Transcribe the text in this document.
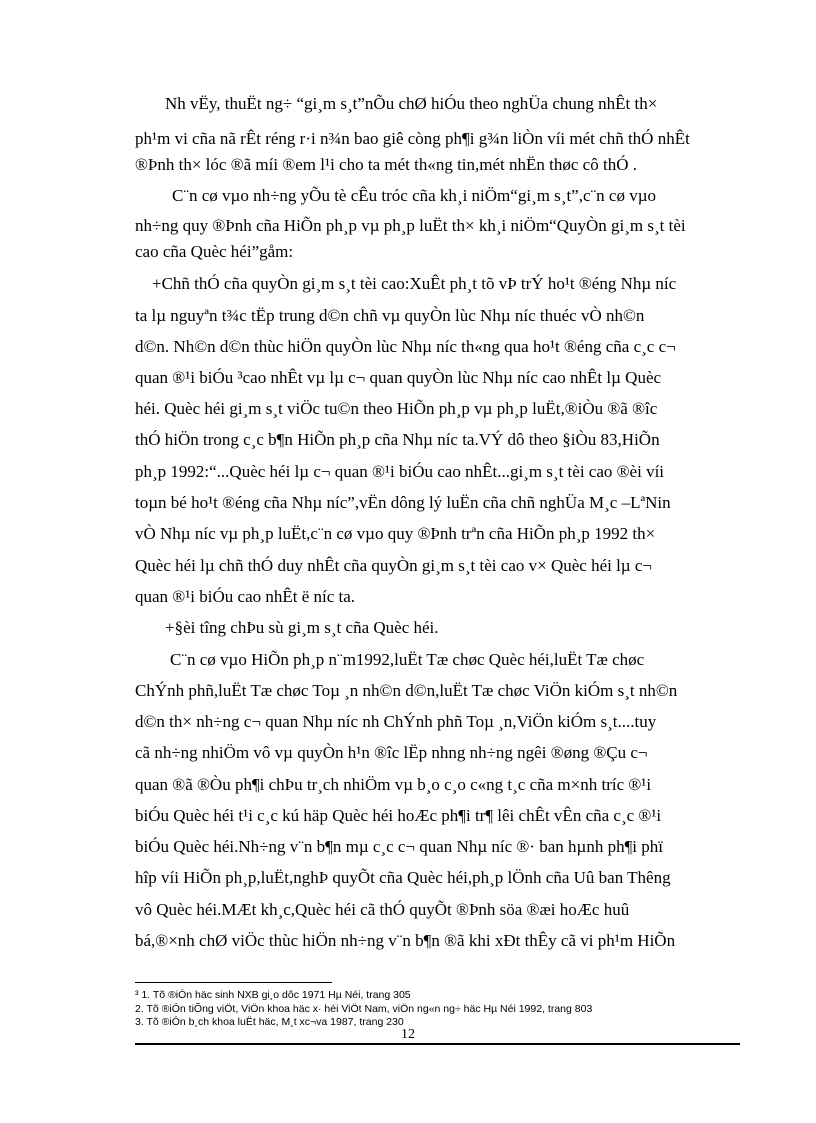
Nh vËy, thuËt ng÷ “gi¸m s¸t”nÕu chØ hiÓu theo nghÜa chung nhÊt th×
ph¹m vi cña nã rÊt réng r·i n¾n bao giê còng ph¶i g¾n liÒn víi mét chñ thÓ nhÊt
®Þnh th× lóc ®ã míi ®em l¹i cho ta mét th«ng tin,mét nhËn thøc cô thÓ .
C¨n cø vµo nh÷ng yÕu tè cÊu tróc cña kh¸i niÖm“gi¸m s¸t”,c¨n cø vµo
nh÷ng quy ®Þnh cña HiÕn ph¸p vµ ph¸p luËt th× kh¸i niÖm“QuyÒn gi¸m s¸t tèi
cao cña Quèc héi”gåm:
+Chñ thÓ cña quyÒn gi¸m s¸t tèi cao:XuÊt ph¸t tõ vÞ trÝ ho¹t ®éng Nhµ níc
ta lµ nguyªn t¾c tËp trung d©n chñ vµ quyÒn lùc Nhµ níc thuéc vÒ nh©n
d©n. Nh©n d©n thùc hiÖn quyÒn lùc Nhµ níc th«ng qua ho¹t ®éng cña c¸c c¬
quan ®¹i biÓu ³cao nhÊt vµ lµ c¬ quan quyÒn lùc Nhµ níc cao nhÊt lµ Quèc
héi. Quèc héi gi¸m s¸t viÖc tu©n theo HiÕn ph¸p vµ ph¸p luËt,®iÒu ®ã ®îc
thÓ hiÖn trong c¸c b¶n HiÕn ph¸p cña Nhµ níc ta.VÝ dô theo §iÒu 83,HiÕn
ph¸p 1992:“...Quèc héi lµ c¬ quan ®¹i biÓu cao nhÊt...gi¸m s¸t tèi cao ®èi víi
toµn bé ho¹t ®éng cña Nhµ níc”,vËn dông lý luËn cña chñ nghÜa M¸c –LªNin
vÒ Nhµ níc vµ ph¸p luËt,c¨n cø vµo quy ®Þnh trªn cña HiÕn ph¸p 1992 th×
Quèc héi lµ chñ thÓ duy nhÊt cña quyÒn gi¸m s¸t tèi cao v× Quèc héi lµ c¬
quan ®¹i biÓu cao nhÊt ë níc ta.
+§èi tîng chÞu sù gi¸m s¸t cña Quèc héi.
C¨n cø vµo HiÕn ph¸p n¨m1992,luËt Tæ chøc Quèc héi,luËt Tæ chøc
ChÝnh phñ,luËt Tæ chøc Toµ ¸n nh©n d©n,luËt Tæ chøc ViÖn kiÓm s¸t nh©n
d©n th× nh÷ng c¬ quan Nhµ níc nh ChÝnh phñ Toµ ¸n,ViÖn kiÓm s¸t....tuy
cã nh÷ng nhiÖm vô vµ quyÒn h¹n ®îc lËp nhng nh÷ng ngêi ®øng ®Çu c¬
quan ®ã ®Òu ph¶i chÞu tr¸ch nhiÖm vµ b¸o c¸o c«ng t¸c cña m×nh tríc ®¹i
biÓu Quèc héi t¹i c¸c kú häp Quèc héi hoÆc ph¶i tr¶ lêi chÊt vÊn cña c¸c ®¹i
biÓu Quèc héi.Nh÷ng v¨n b¶n mµ c¸c c¬ quan Nhµ níc ®· ban hµnh ph¶i phï
hîp víi HiÕn ph¸p,luËt,nghÞ quyÕt cña Quèc héi,ph¸p lÖnh cña Uû ban Thêng
vô Quèc héi.MÆt kh¸c,Quèc héi cã thÓ quyÕt ®Þnh söa ®æi hoÆc huû
bá,®×nh chØ viÖc thùc hiÖn nh÷ng v¨n b¶n ®ã khi xÐt thÊy cã vi ph¹m HiÕn
³ 1. Tõ ®iÓn häc sinh NXB gi¸o dôc 1971 Hµ Néi, trang 305
2. Tõ ®iÓn tiÕng viÖt, ViÖn khoa häc x· héi ViÖt Nam, viÖn ng«n ng÷ häc Hµ Néi 1992, trang 803
3. Tõ ®iÓn b¸ch khoa luËt häc, M¸t xc¬va 1987, trang 230
12
